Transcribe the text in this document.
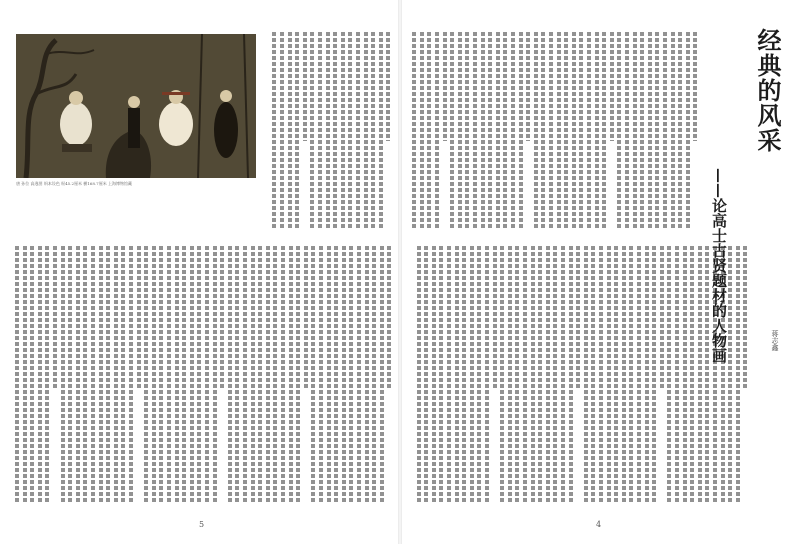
唐 孙位 高逸图 绢本设色 纵45.2厘米 横168.7厘米 上海博物馆藏
经典的风采
——论高士古贤题材的人物画	蒋志鑫
5	4
